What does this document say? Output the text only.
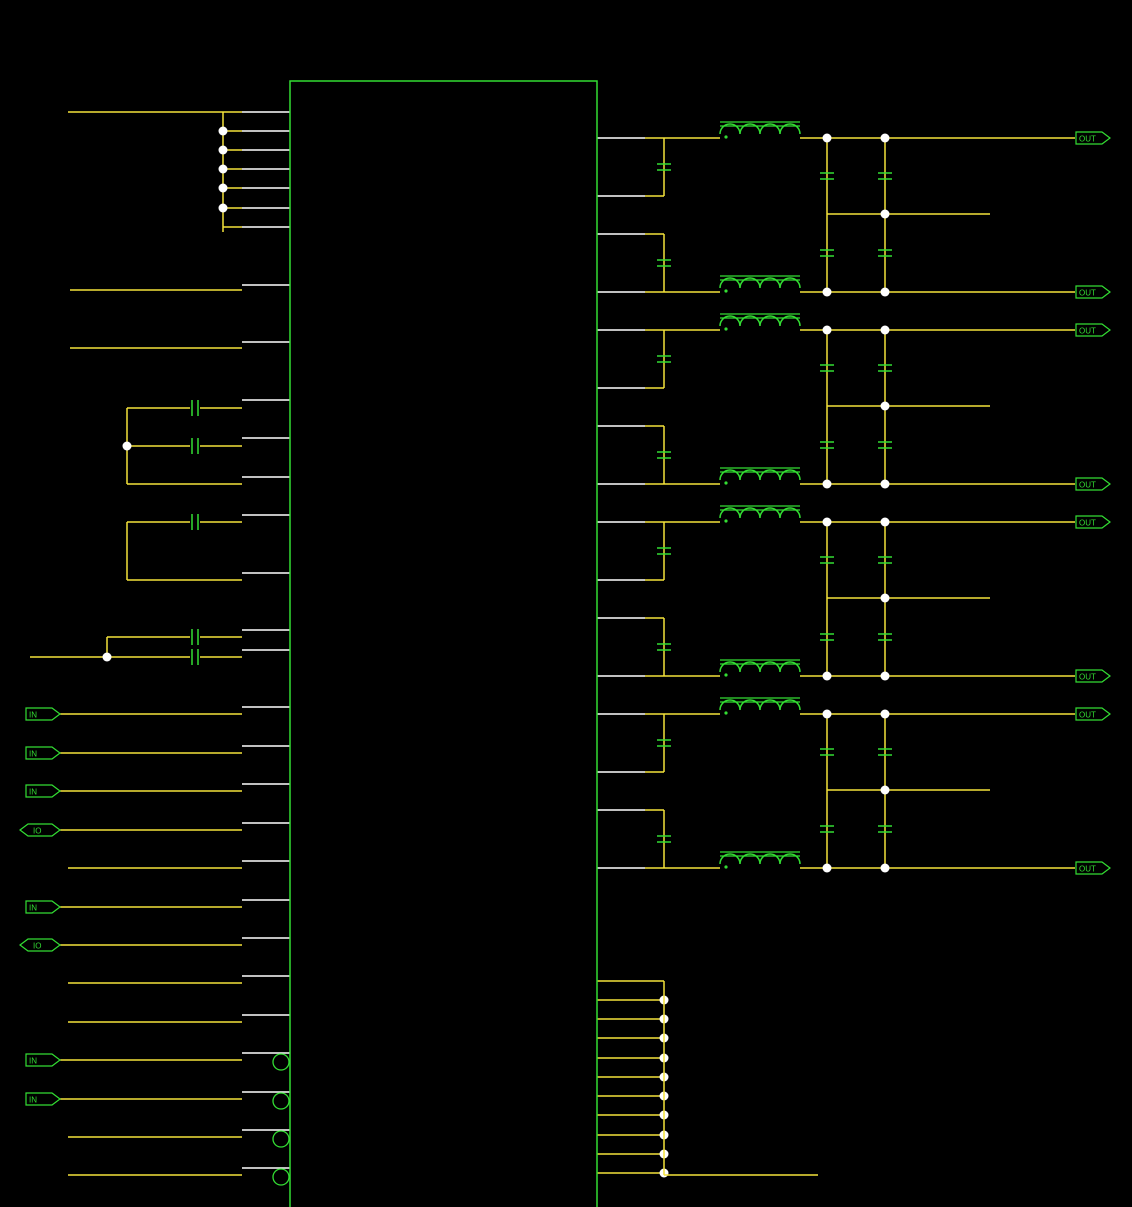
IN
IN
IN
IO
IN
IO
IN
IN
OUT
OUT
OUT
OUT
OUT
OUT
OUT
OUT
